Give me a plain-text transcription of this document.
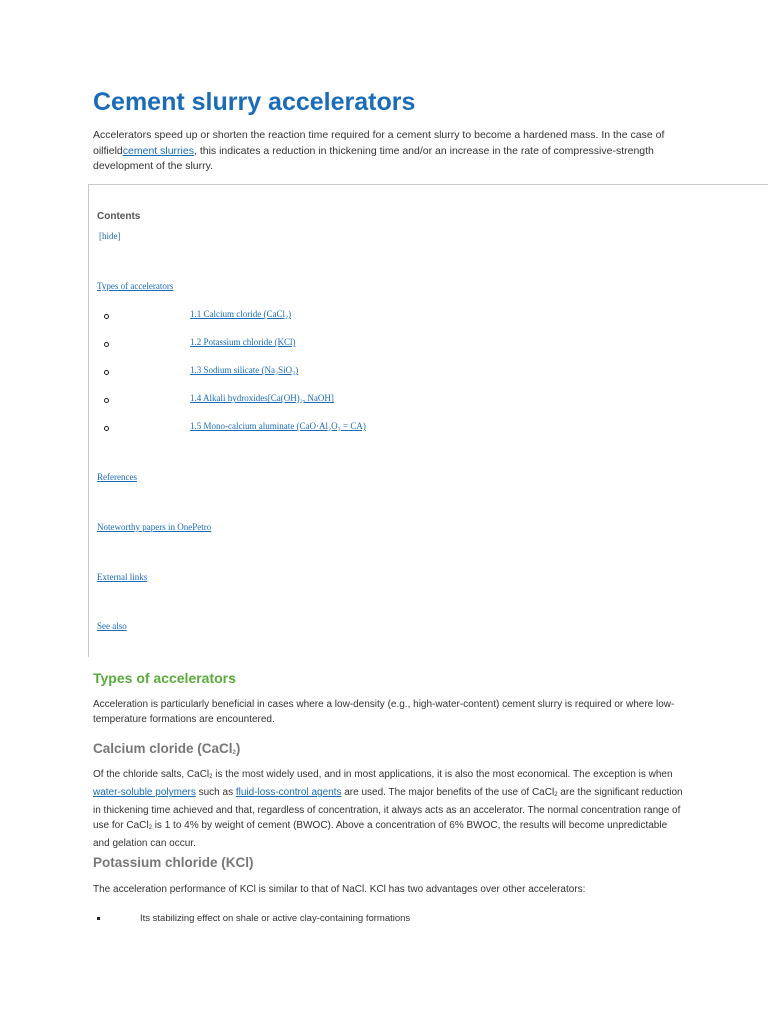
Cement slurry accelerators

Accelerators speed up or shorten the reaction time required for a cement slurry to become a hardened mass. In the case of oilfieldcement slurries, this indicates a reduction in thickening time and/or an increase in the rate of compressive-strength development of the slurry.

Contents
[hide]
Types of accelerators
1.1 Calcium cloride (CaCl₂)
1.2 Potassium chloride (KCl)
1.3 Sodium silicate (Na₂SiO₃)
1.4 Alkali hydroxides[Ca(OH)₂, NaOH]
1.5 Mono-calcium aluminate (CaO·Al₂O₃ = CA)
References
Noteworthy papers in OnePetro
External links
See also
Types of accelerators

Acceleration is particularly beneficial in cases where a low-density (e.g., high-water-content) cement slurry is required or where low-temperature formations are encountered.

Calcium cloride (CaCl2)

Of the chloride salts, CaCl2 is the most widely used, and in most applications, it is also the most economical. The exception is when water-soluble polymers such as fluid-loss-control agents are used. The major benefits of the use of CaCl2 are the significant reduction in thickening time achieved and that, regardless of concentration, it always acts as an accelerator. The normal concentration range of use for CaCl2 is 1 to 4% by weight of cement (BWOC). Above a concentration of 6% BWOC, the results will become unpredictable and gelation can occur.

Potassium chloride (KCl)

The acceleration performance of KCl is similar to that of NaCl. KCl has two advantages over other accelerators:

Its stabilizing effect on shale or active clay-containing formations
